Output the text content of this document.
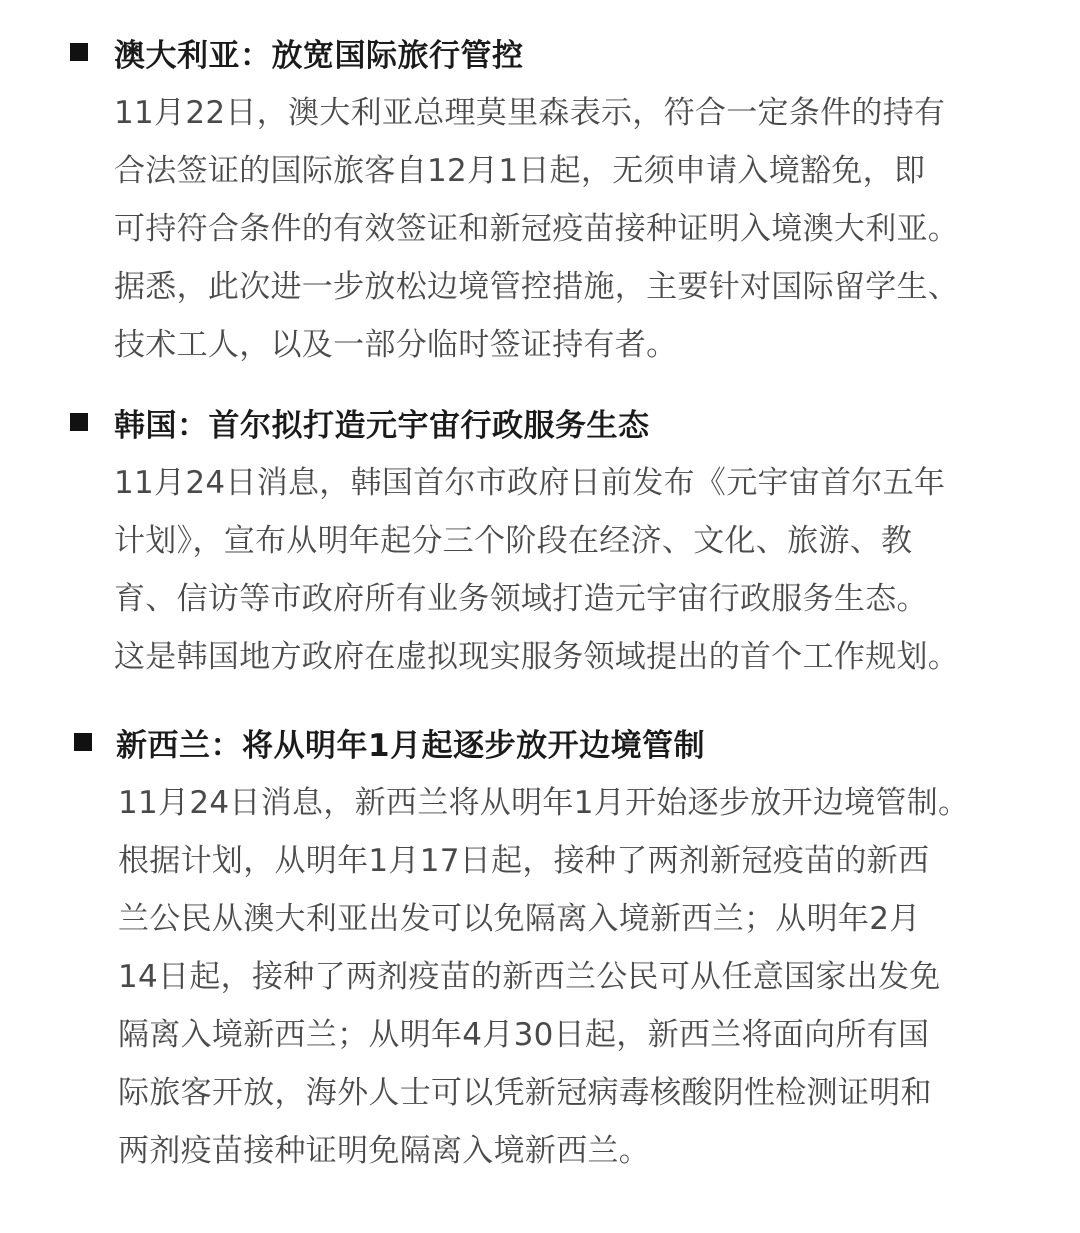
澳大利亚：放宽国际旅行管控
11月22日，澳大利亚总理莫里森表示，符合一定条件的持有
合法签证的国际旅客自12月1日起，无须申请入境豁免，即
可持符合条件的有效签证和新冠疫苗接种证明入境澳大利亚。
据悉，此次进一步放松边境管控措施，主要针对国际留学生、
技术工人，以及一部分临时签证持有者。
韩国：首尔拟打造元宇宙行政服务生态
11月24日消息，韩国首尔市政府日前发布《元宇宙首尔五年
计划》，宣布从明年起分三个阶段在经济、文化、旅游、教
育、信访等市政府所有业务领域打造元宇宙行政服务生态。
这是韩国地方政府在虚拟现实服务领域提出的首个工作规划。
新西兰：将从明年1月起逐步放开边境管制
11月24日消息，新西兰将从明年1月开始逐步放开边境管制。
根据计划，从明年1月17日起，接种了两剂新冠疫苗的新西
兰公民从澳大利亚出发可以免隔离入境新西兰；从明年2月
14日起，接种了两剂疫苗的新西兰公民可从任意国家出发免
隔离入境新西兰；从明年4月30日起，新西兰将面向所有国
际旅客开放，海外人士可以凭新冠病毒核酸阴性检测证明和
两剂疫苗接种证明免隔离入境新西兰。
